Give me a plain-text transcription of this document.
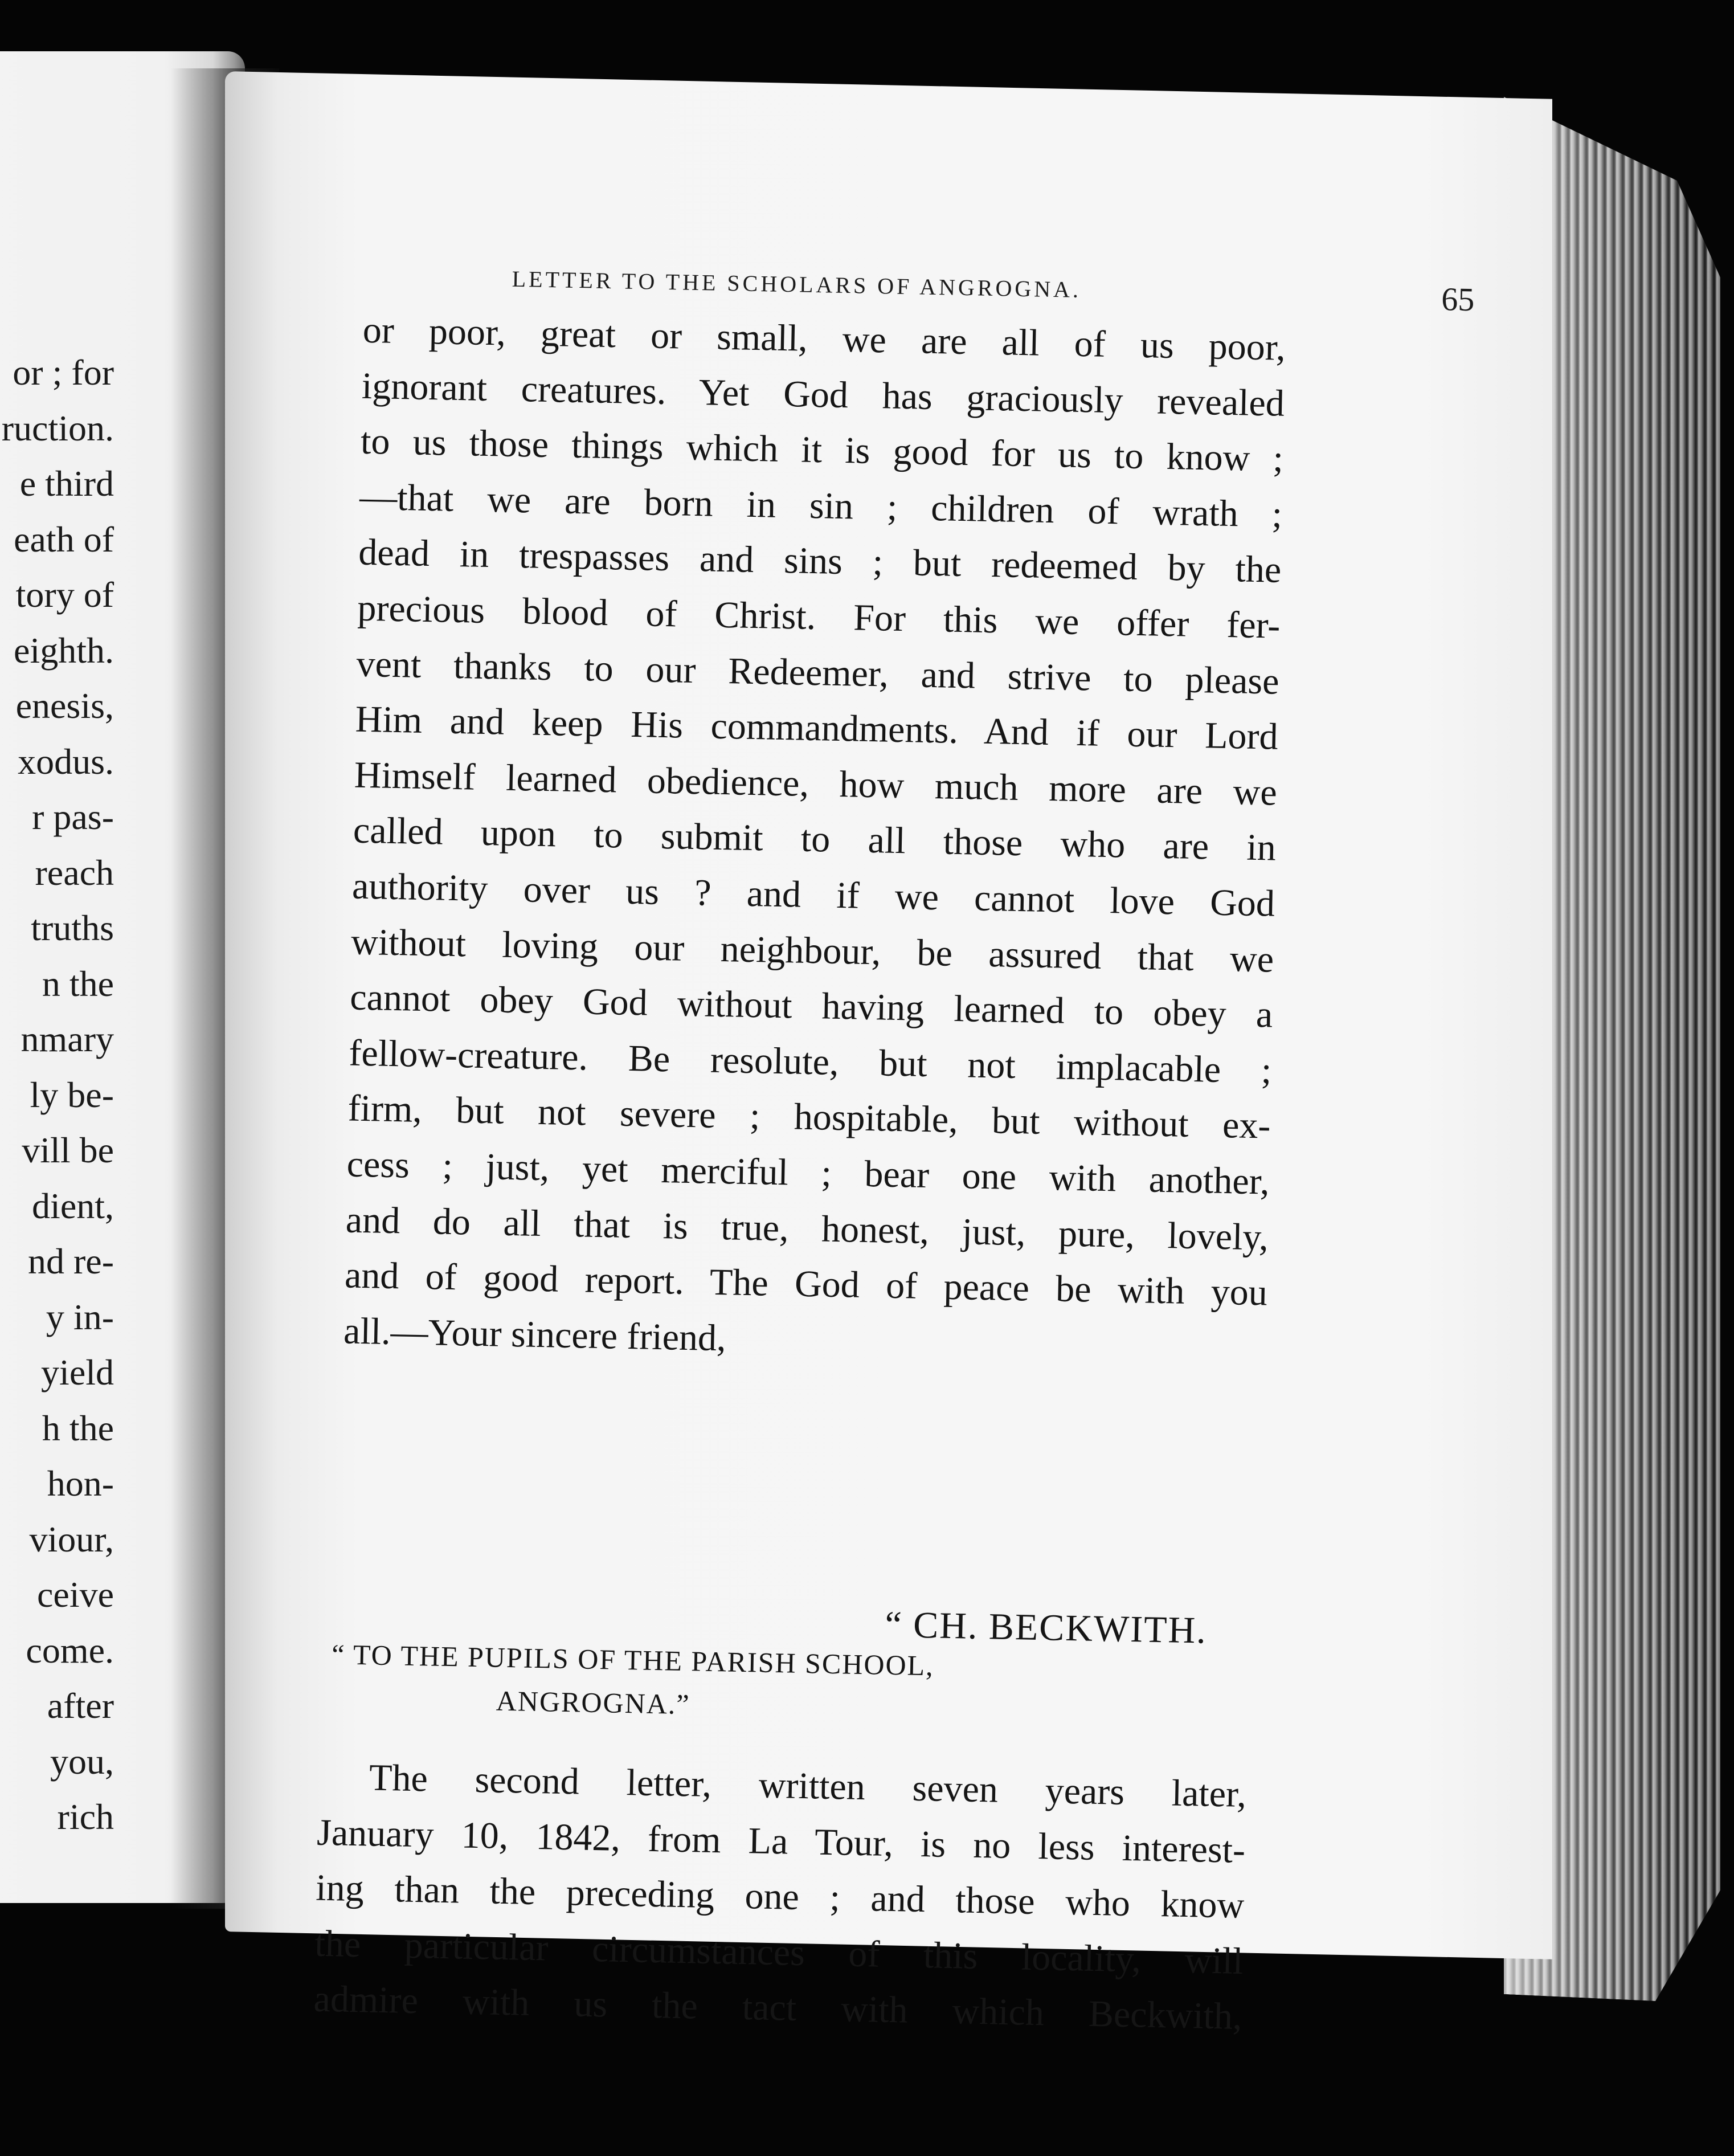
or ; for
ruction.
e third
eath of
tory of
eighth.
enesis,
xodus.
r pas-
reach
truths
n the
nmary
ly be-
vill be
dient,
nd re-
y in-
yield
h the
hon-
viour,
ceive
come.
after
you,
rich
LETTER TO THE SCHOLARS OF ANGROGNA.	65
or poor, great or small, we are all of us poor,
ignorant creatures. Yet God has graciously revealed
to us those things which it is good for us to know ;
—that we are born in sin ; children of wrath ;
dead in trespasses and sins ; but redeemed by the
precious blood of Christ. For this we offer fer-
vent thanks to our Redeemer, and strive to please
Him and keep His commandments. And if our Lord
Himself learned obedience, how much more are we
called upon to submit to all those who are in
authority over us ? and if we cannot love God
without loving our neighbour, be assured that we
cannot obey God without having learned to obey a
fellow-creature. Be resolute, but not implacable ;
firm, but not severe ; hospitable, but without ex-
cess ; just, yet merciful ; bear one with another,
and do all that is true, honest, just, pure, lovely,
and of good report. The God of peace be with you
all.—Your sincere friend,
“ CH. BECKWITH.
“ TO THE PUPILS OF THE PARISH SCHOOL,
ANGROGNA.”
The second letter, written seven years later,
January 10, 1842, from La Tour, is no less interest-
ing than the preceding one ; and those who know
the particular circumstances of this locality, will
admire with us the tact with which Beckwith,
